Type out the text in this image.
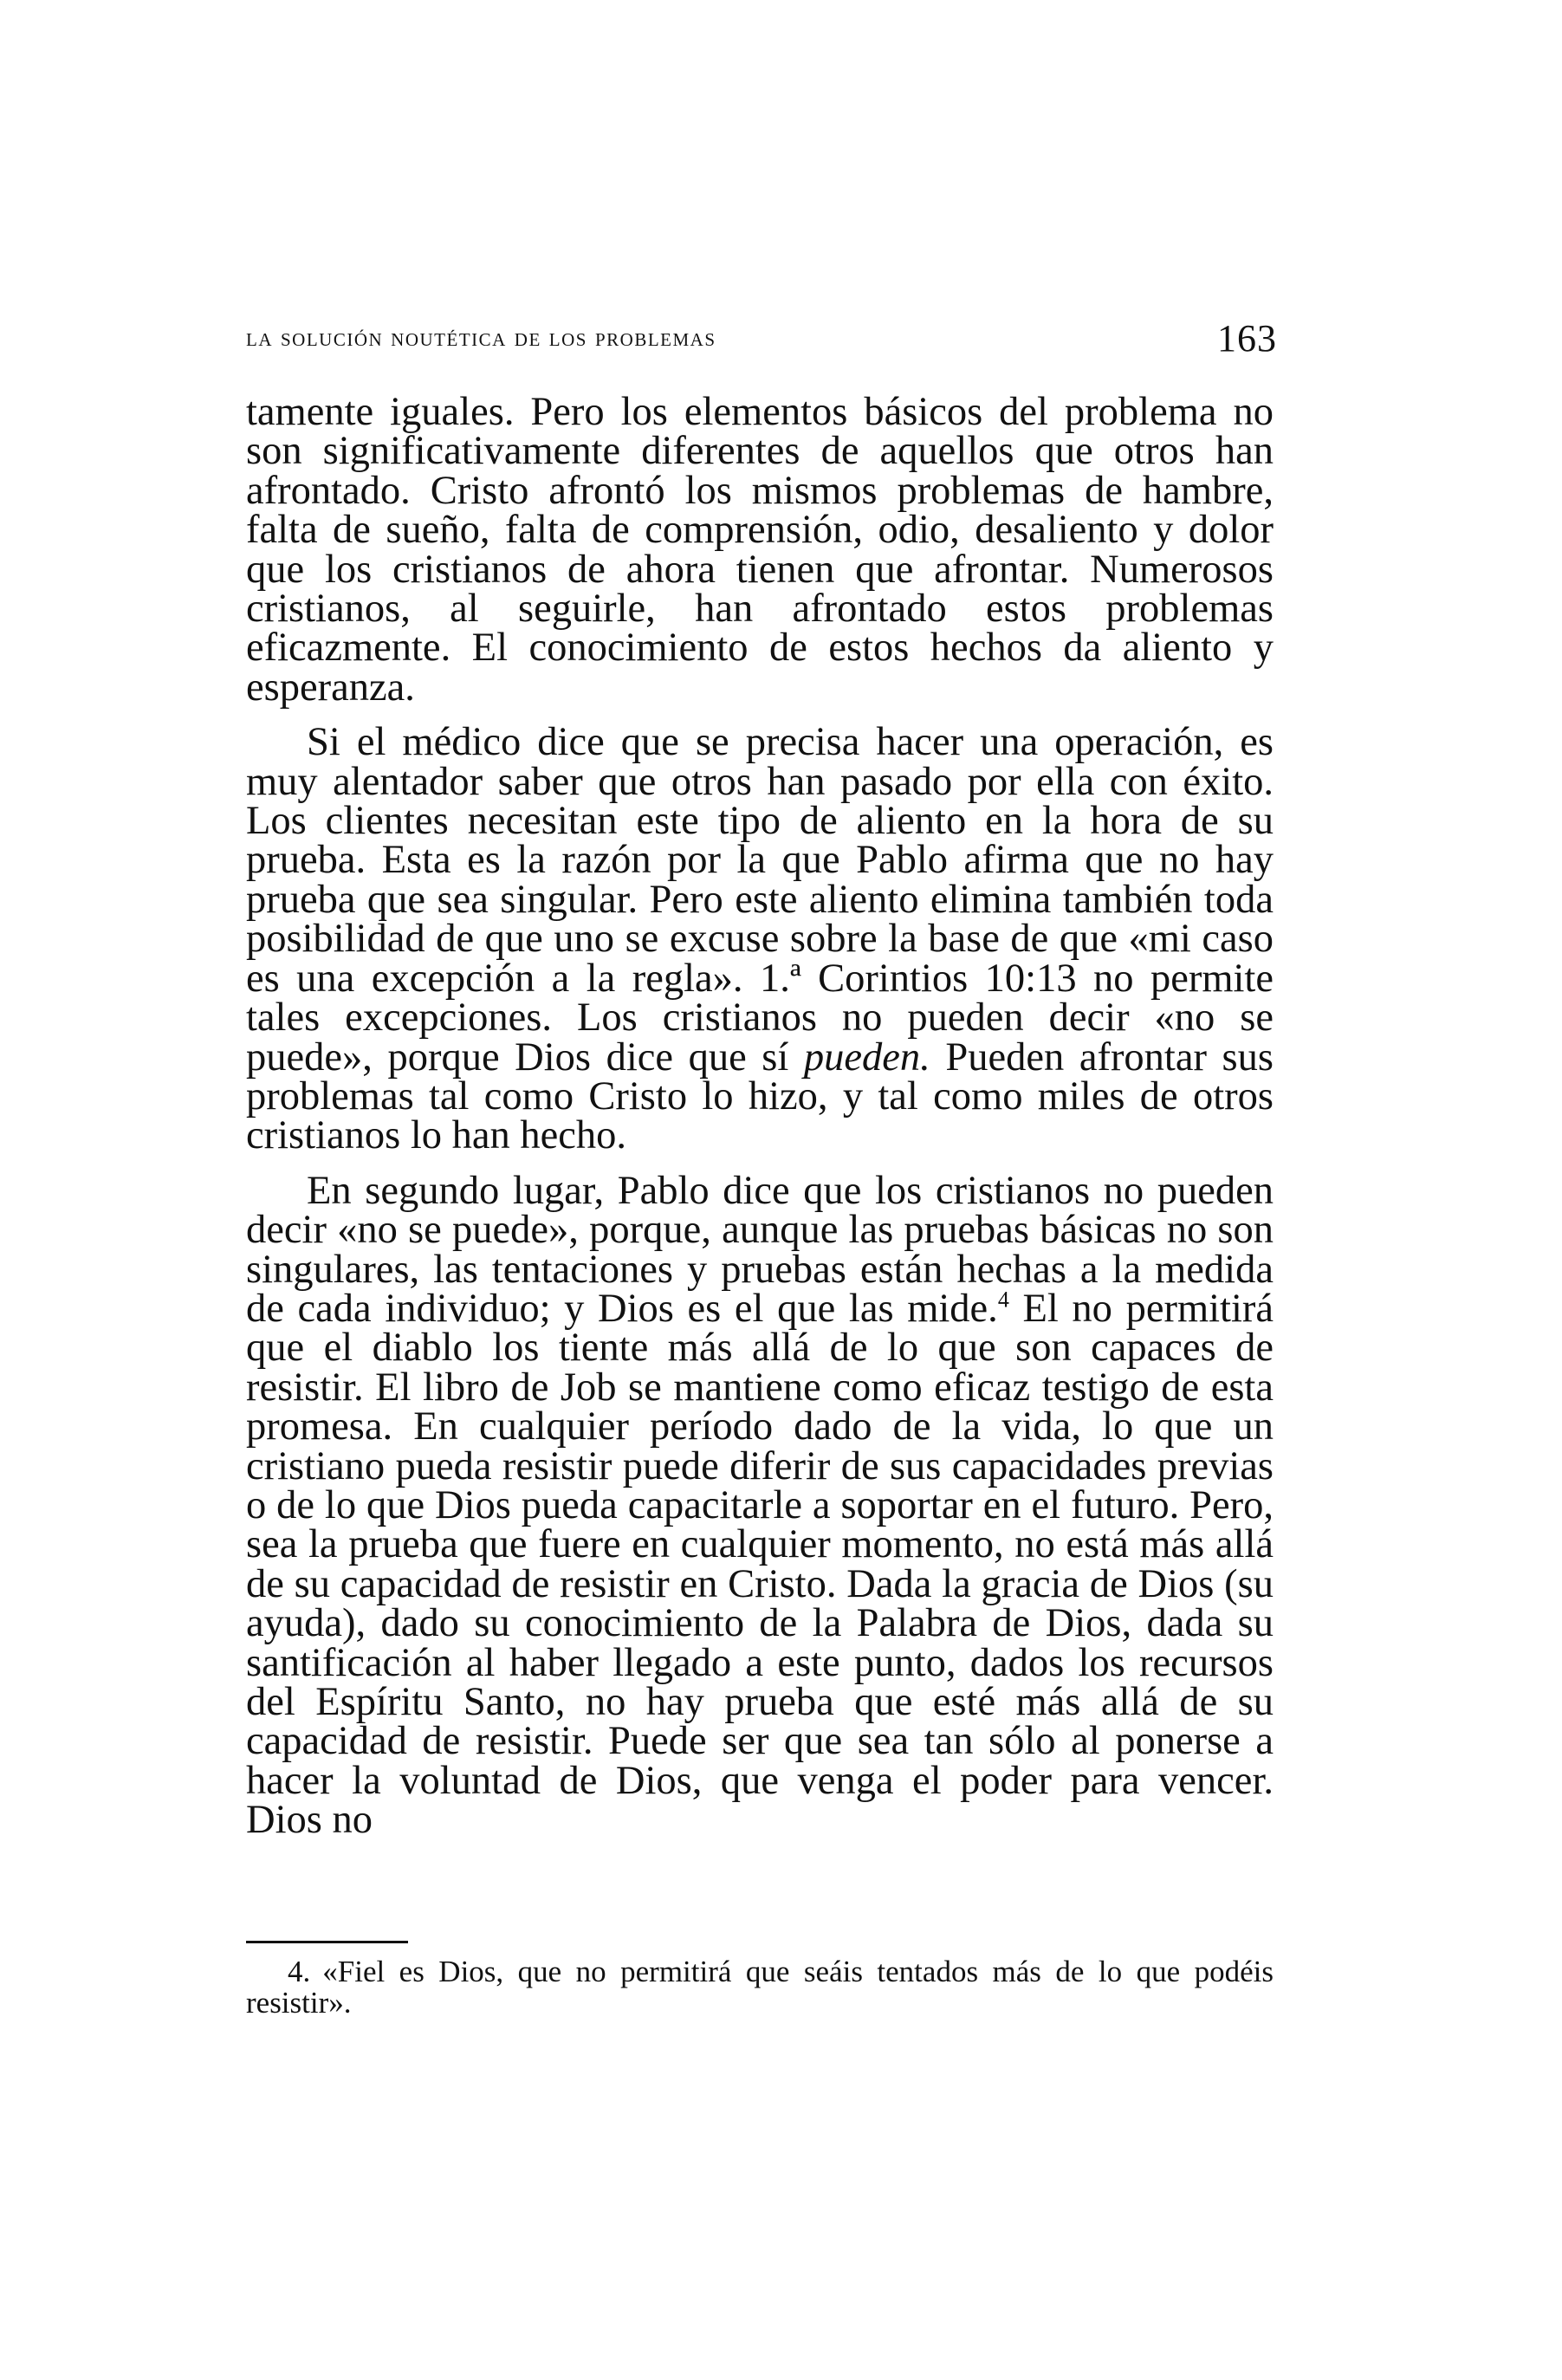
la solución noutética de los problemas	163

tamente iguales. Pero los elementos básicos del problema no son significativamente diferentes de aquellos que otros han afrontado. Cristo afrontó los mismos problemas de hambre, falta de sueño, falta de comprensión, odio, desaliento y dolor que los cristianos de ahora tienen que afrontar. Numerosos cristianos, al seguirle, han afrontado estos problemas eficazmente. El conocimiento de estos hechos da aliento y esperanza.

Si el médico dice que se precisa hacer una operación, es muy alentador saber que otros han pasado por ella con éxito. Los clientes necesitan este tipo de aliento en la hora de su prueba. Esta es la razón por la que Pablo afirma que no hay prueba que sea singular. Pero este aliento elimina también toda posibilidad de que uno se excuse sobre la base de que «mi caso es una excepción a la regla». 1.ª Corintios 10:13 no permite tales excepciones. Los cristianos no pueden decir «no se puede», porque Dios dice que sí pueden. Pueden afrontar sus problemas tal como Cristo lo hizo, y tal como miles de otros cristianos lo han hecho.

En segundo lugar, Pablo dice que los cristianos no pueden decir «no se puede», porque, aunque las pruebas básicas no son singulares, las tentaciones y pruebas están hechas a la medida de cada individuo; y Dios es el que las mide.$^4$ El no permitirá que el diablo los tiente más allá de lo que son capaces de resistir. El libro de Job se mantiene como eficaz testigo de esta promesa. En cualquier período dado de la vida, lo que un cristiano pueda resistir puede diferir de sus capacidades previas o de lo que Dios pueda capacitarle a soportar en el futuro. Pero, sea la prueba que fuere en cualquier momento, no está más allá de su capacidad de resistir en Cristo. Dada la gracia de Dios (su ayuda), dado su conocimiento de la Palabra de Dios, dada su santificación al haber llegado a este punto, dados los recursos del Espíritu Santo, no hay prueba que esté más allá de su capacidad de resistir. Puede ser que sea tan sólo al ponerse a hacer la voluntad de Dios, que venga el poder para vencer. Dios no

4. «Fiel es Dios, que no permitirá que seáis tentados más de lo que podéis resistir».
